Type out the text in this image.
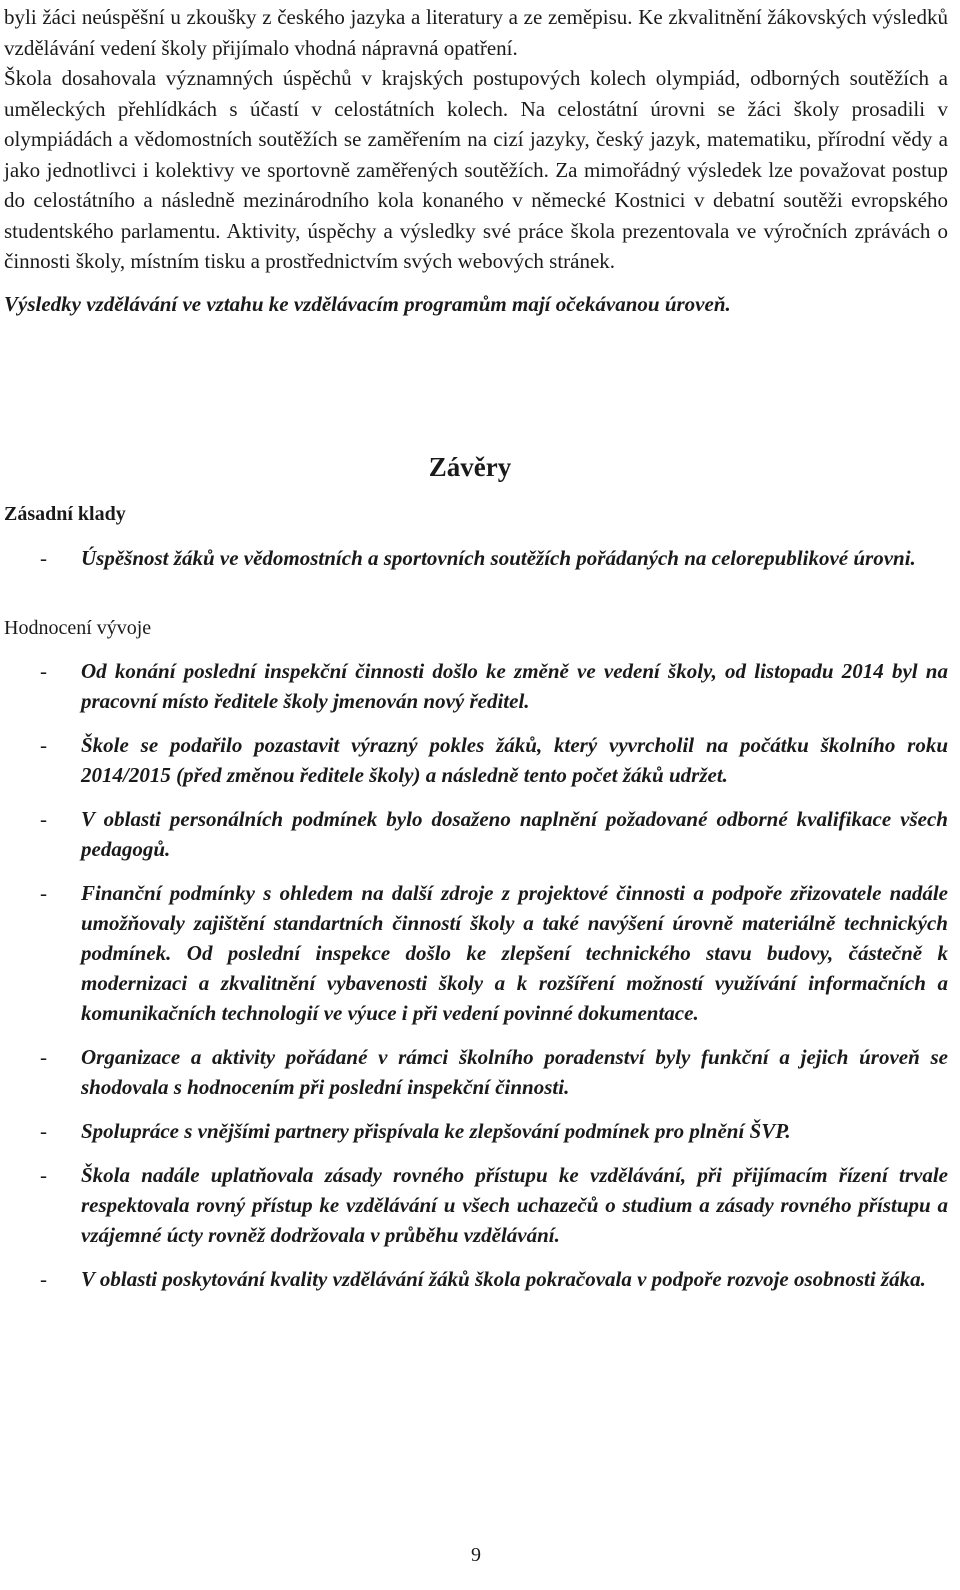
byli žáci neúspěšní u zkoušky z českého jazyka a literatury a ze zeměpisu. Ke zkvalitnění žákovských výsledků vzdělávání vedení školy přijímalo vhodná nápravná opatření.

Škola dosahovala významných úspěchů v krajských postupových kolech olympiád, odborných soutěžích a uměleckých přehlídkách s účastí v celostátních kolech. Na celostátní úrovni se žáci školy prosadili v olympiádách a vědomostních soutěžích se zaměřením na cizí jazyky, český jazyk, matematiku, přírodní vědy a jako jednotlivci i kolektivy ve sportovně zaměřených soutěžích. Za mimořádný výsledek lze považovat postup do celostátního a následně mezinárodního kola konaného v německé Kostnici v debatní soutěži evropského studentského parlamentu. Aktivity, úspěchy a výsledky své práce škola prezentovala ve výročních zprávách o činnosti školy, místním tisku a prostřednictvím svých webových stránek.

Výsledky vzdělávání ve vztahu ke vzdělávacím programům mají očekávanou úroveň.

Závěry
Zásadní klady
- Úspěšnost žáků ve vědomostních a sportovních soutěžích pořádaných na celorepublikové úrovni.
Hodnocení vývoje
- Od konání poslední inspekční činnosti došlo ke změně ve vedení školy, od listopadu 2014 byl na pracovní místo ředitele školy jmenován nový ředitel.
- Škole se podařilo pozastavit výrazný pokles žáků, který vyvrcholil na počátku školního roku 2014/2015 (před změnou ředitele školy) a následně tento počet žáků udržet.
- V oblasti personálních podmínek bylo dosaženo naplnění požadované odborné kvalifikace všech pedagogů.
- Finanční podmínky s ohledem na další zdroje z projektové činnosti a podpoře zřizovatele nadále umožňovaly zajištění standartních činností školy a také navýšení úrovně materiálně technických podmínek. Od poslední inspekce došlo ke zlepšení technického stavu budovy, částečně k modernizaci a zkvalitnění vybavenosti školy a k rozšíření možností využívání informačních a komunikačních technologií ve výuce i při vedení povinné dokumentace.
- Organizace a aktivity pořádané v rámci školního poradenství byly funkční a jejich úroveň se shodovala s hodnocením při poslední inspekční činnosti.
- Spolupráce s vnějšími partnery přispívala ke zlepšování podmínek pro plnění ŠVP.
- Škola nadále uplatňovala zásady rovného přístupu ke vzdělávání, při přijímacím řízení trvale respektovala rovný přístup ke vzdělávání u všech uchazečů o studium a zásady rovného přístupu a vzájemné úcty rovněž dodržovala v průběhu vzdělávání.
- V oblasti poskytování kvality vzdělávání žáků škola pokračovala v podpoře rozvoje osobnosti žáka.
9
